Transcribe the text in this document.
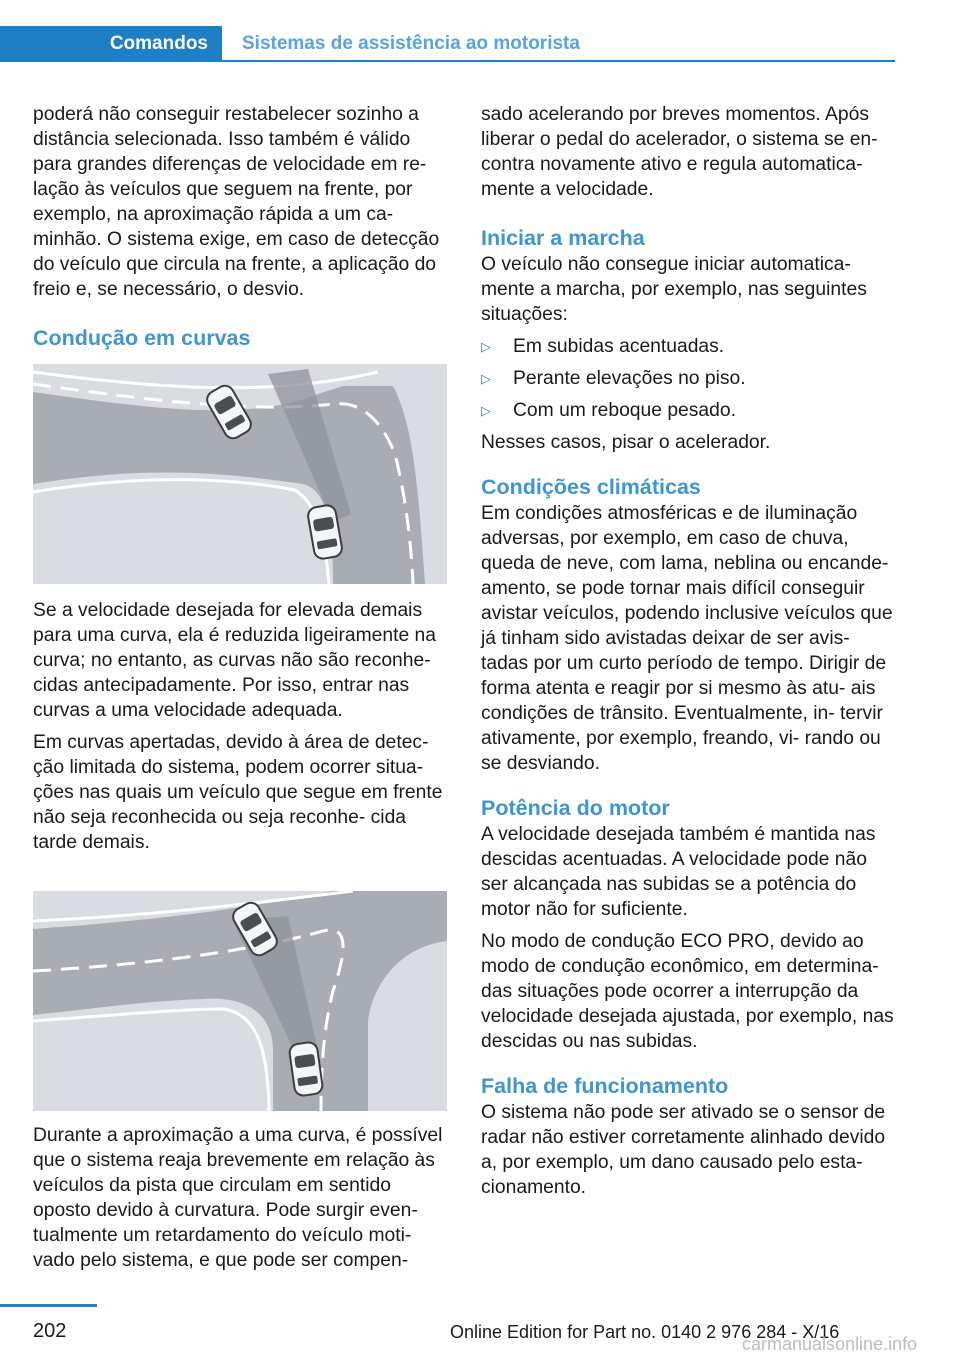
Comandos	Sistemas de assistência ao motorista

poderá não conseguir restabelecer sozinho a distância selecionada. Isso também é válido para grandes diferenças de velocidade em re‐ lação às veículos que seguem na frente, por exemplo, na aproximação rápida a um ca‐ minhão. O sistema exige, em caso de detecção do veículo que circula na frente, a aplicação do freio e, se necessário, o desvio.

Condução em curvas

Se a velocidade desejada for elevada demais para uma curva, ela é reduzida ligeiramente na curva; no entanto, as curvas não são reconhe‐ cidas antecipadamente. Por isso, entrar nas curvas a uma velocidade adequada.

Em curvas apertadas, devido à área de detec‐ ção limitada do sistema, podem ocorrer situa‐ ções nas quais um veículo que segue em frente não seja reconhecida ou seja reconhe‐ cida tarde demais.

Durante a aproximação a uma curva, é possível que o sistema reaja brevemente em relação às veículos da pista que circulam em sentido oposto devido à curvatura. Pode surgir even‐ tualmente um retardamento do veículo moti‐ vado pelo sistema, e que pode ser compen‐

sado acelerando por breves momentos. Após liberar o pedal do acelerador, o sistema se en‐ contra novamente ativo e regula automatica‐ mente a velocidade.

Iniciar a marcha

O veículo não consegue iniciar automatica‐ mente a marcha, por exemplo, nas seguintes situações:

▷	Em subidas acentuadas.
▷	Perante elevações no piso.
▷	Com um reboque pesado.

Nesses casos, pisar o acelerador.

Condições climáticas

Em condições atmosféricas e de iluminação adversas, por exemplo, em caso de chuva, queda de neve, com lama, neblina ou encande‐ amento, se pode tornar mais difícil conseguir avistar veículos, podendo inclusive veículos que já tinham sido avistadas deixar de ser avis‐ tadas por um curto período de tempo. Dirigir de forma atenta e reagir por si mesmo às atu‐ ais condições de trânsito. Eventualmente, in‐ tervir ativamente, por exemplo, freando, vi‐ rando ou se desviando.

Potência do motor

A velocidade desejada também é mantida nas descidas acentuadas. A velocidade pode não ser alcançada nas subidas se a potência do motor não for suficiente.

No modo de condução ECO PRO, devido ao modo de condução econômico, em determina‐ das situações pode ocorrer a interrupção da velocidade desejada ajustada, por exemplo, nas descidas ou nas subidas.

Falha de funcionamento

O sistema não pode ser ativado se o sensor de radar não estiver corretamente alinhado devido a, por exemplo, um dano causado pelo esta‐ cionamento.

202	Online Edition for Part no. 0140 2 976 284 - X/16
carmanualsonline.info
